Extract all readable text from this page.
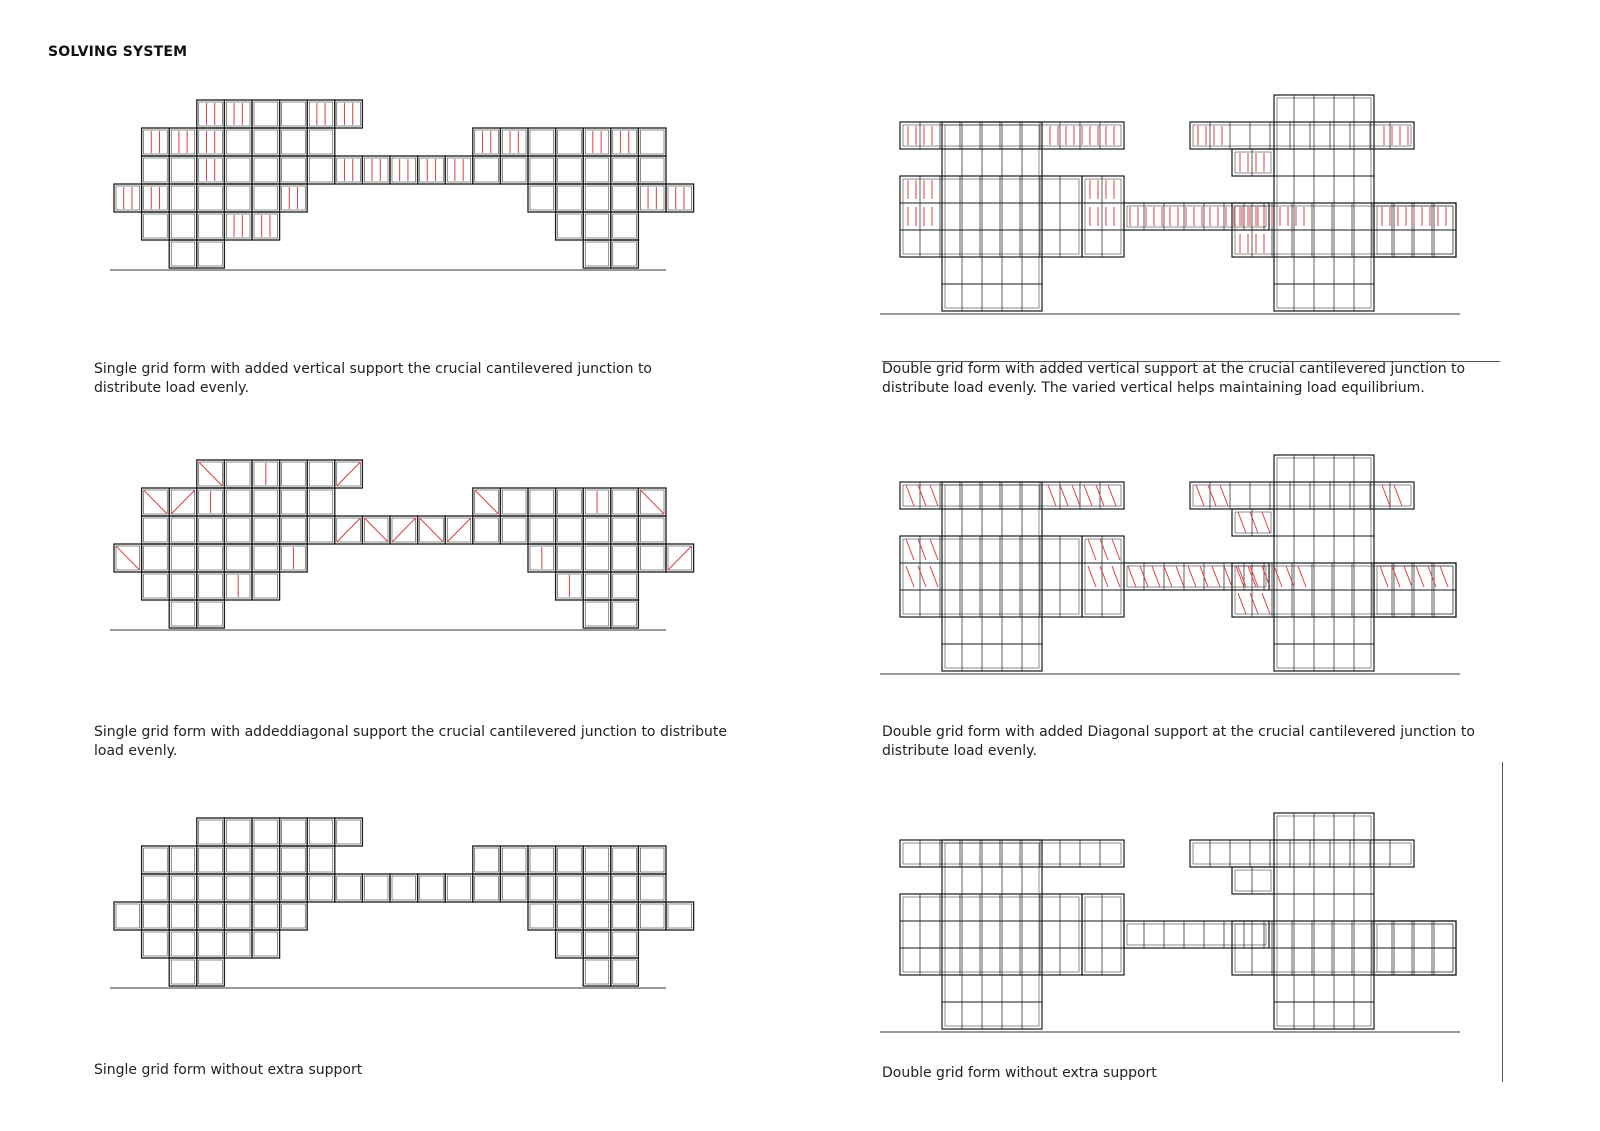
SOLVING SYSTEM
Single grid form with added vertical support the crucial cantilevered junction to distribute load evenly.
Double grid form with added vertical support at the crucial cantilevered junction to distribute load evenly. The varied vertical helps maintaining load equilibrium.
Single grid form with addeddiagonal support the crucial cantilevered junction to distribute load evenly.
Double grid form with added Diagonal support at the crucial cantilevered junction to distribute load evenly.
Single grid form without extra support	Double grid form without extra support
